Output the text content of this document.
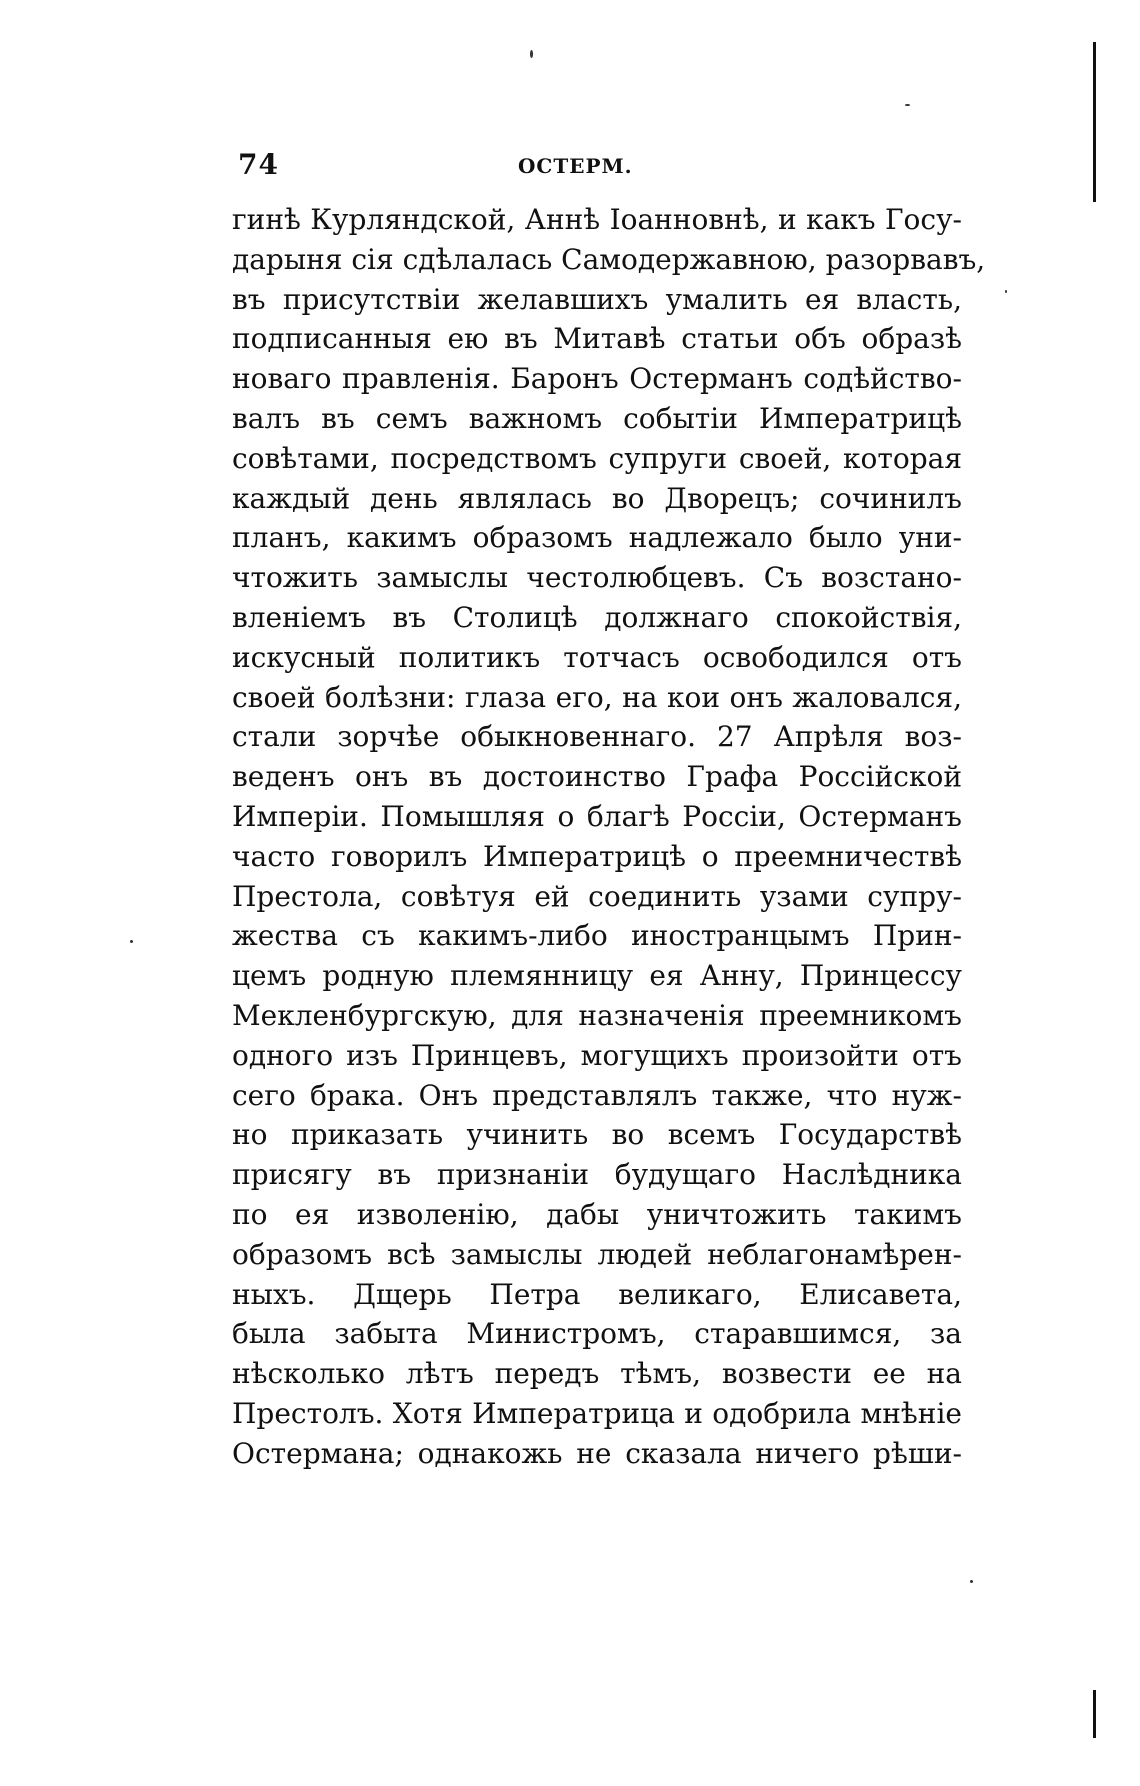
74	ОСТЕРМ.
гинѣ Курляндской, Аннѣ Іоанновнѣ, и какъ Госу-
дарыня сія сдѣлалась Самодержавною, разорвавъ,
въ присутствіи желавшихъ умалить ея власть,
подписанныя ею въ Митавѣ статьи объ образѣ
новаго правленія. Баронъ Остерманъ содѣйство-
валъ въ семъ важномъ событіи Императрицѣ
совѣтами, посредствомъ супруги своей, которая
каждый день являлась во Дворецъ; сочинилъ
планъ, какимъ образомъ надлежало было уни-
чтожить замыслы честолюбцевъ. Съ возстано-
вленіемъ въ Столицѣ должнаго спокойствія,
искусный политикъ тотчасъ освободился отъ
своей болѣзни: глаза его, на кои онъ жаловался,
стали зорчѣе обыкновеннаго. 27 Апрѣля воз-
веденъ онъ въ достоинство Графа Россійской
Имперіи. Помышляя о благѣ Россіи, Остерманъ
часто говорилъ Императрицѣ о преемничествѣ
Престола, совѣтуя ей соединить узами супру-
жества съ какимъ-либо иностранцымъ Прин-
цемъ родную племянницу ея Анну, Принцессу
Мекленбургскую, для назначенія преемникомъ
одного изъ Принцевъ, могущихъ произойти отъ
сего брака. Онъ представлялъ также, что нуж-
но приказать учинить во всемъ Государствѣ
присягу въ признаніи будущаго Наслѣдника
по ея изволенію, дабы уничтожить такимъ
образомъ всѣ замыслы людей неблагонамѣрен-
ныхъ. Дщерь Петра великаго, Елисавета,
была забыта Министромъ, старавшимся, за
нѣсколько лѣтъ передъ тѣмъ, возвести ее на
Престолъ. Хотя Императрица и одобрила мнѣніе
Остермана; однакожь не сказала ничего рѣши-
